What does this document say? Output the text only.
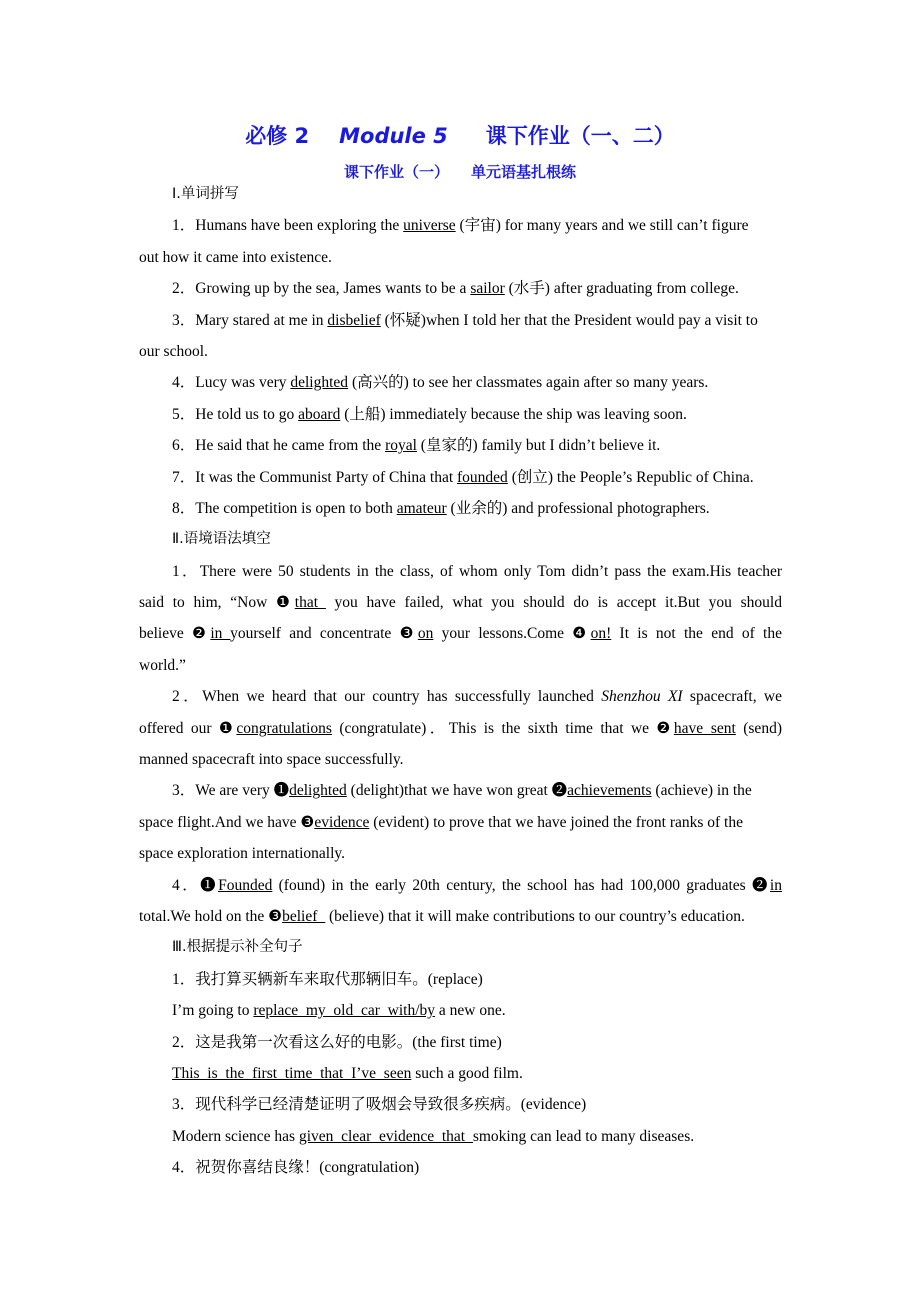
必修 2 Module 5 课下作业（一、二）
课下作业（一） 单元语基扎根练
Ⅰ.单词拼写
1．Humans have been exploring the universe (宇宙) for many years and we still can’t figure
out how it came into existence.
2．Growing up by the sea, James wants to be a sailor (水手) after graduating from college.
3．Mary stared at me in disbelief (怀疑)when I told her that the President would pay a visit to
our school.
4．Lucy was very delighted (高兴的) to see her classmates again after so many years.
5．He told us to go aboard (上船) immediately because the ship was leaving soon.
6．He said that he came from the royal (皇家的) family but I didn’t believe it.
7．It was the Communist Party of China that founded (创立) the People’s Republic of China.
8．The competition is open to both amateur (业余的) and professional photographers.
Ⅱ.语境语法填空
1．There were 50 students in the class, of whom only Tom didn’t pass the exam.His teacher
said to him, “Now ❶that_ you have failed, what you should do is accept it.But you should
believe ❷in_yourself and concentrate ❸on your lessons.Come ❹on! It is not the end of the
world.”
2．When we heard that our country has successfully launched Shenzhou XI spacecraft, we
offered our ❶congratulations (congratulate)．This is the sixth time that we ❷have_sent (send)
manned spacecraft into space successfully.
3．We are very ❶delighted (delight)that we have won great ❷achievements (achieve) in the
space flight.And we have ❸evidence (evident) to prove that we have joined the front ranks of the
space exploration internationally.
4．❶Founded (found) in the early 20th century, the school has had 100,000 graduates ❷in
total.We hold on the ❸belief_ (believe) that it will make contributions to our country’s education.
Ⅲ.根据提示补全句子
1．我打算买辆新车来取代那辆旧车。(replace)
I’m going to replace_my_old_car_with/by a new one.
2．这是我第一次看这么好的电影。(the first time)
This_is_the_first_time_that_I’ve_seen such a good film.
3．现代科学已经清楚证明了吸烟会导致很多疾病。(evidence)
Modern science has given_clear_evidence_that_smoking can lead to many diseases.
4．祝贺你喜结良缘！(congratulation)
